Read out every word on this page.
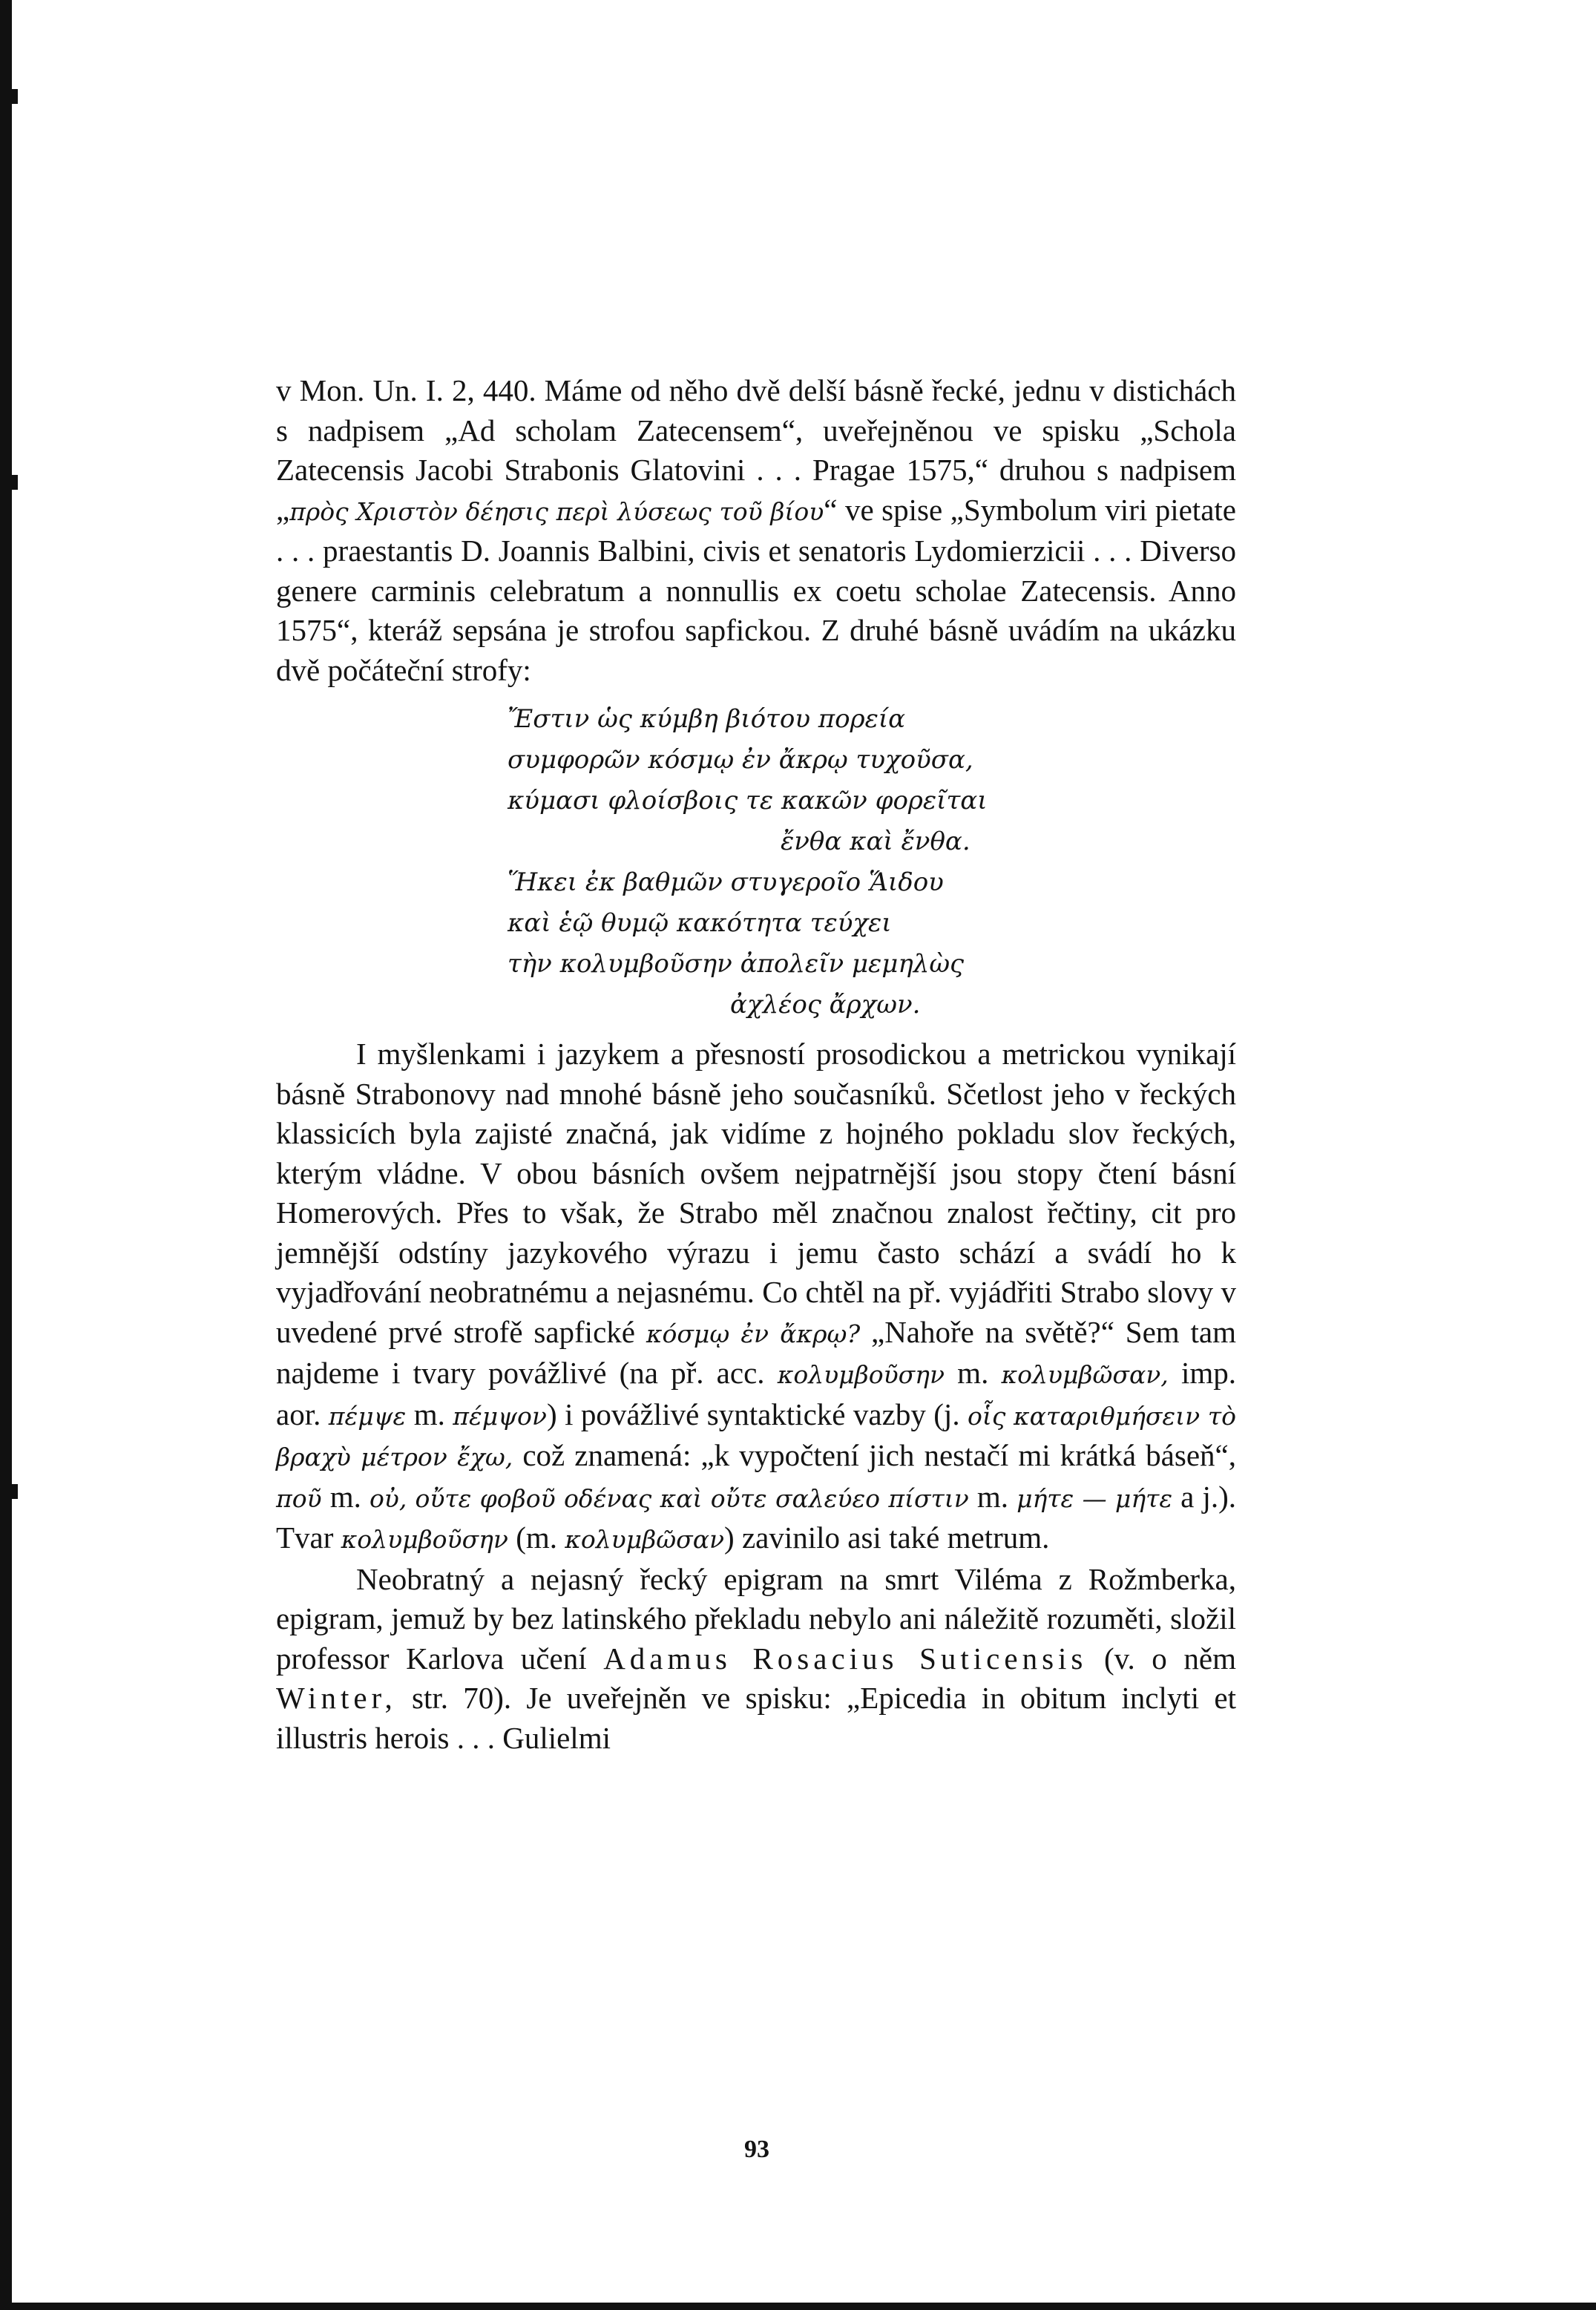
v Mon. Un. I. 2, 440. Máme od něho dvě delší básně řecké, jednu v distichách s nadpisem „Ad scholam Zatecensem“, uveřejněnou ve spisku „Schola Zatecensis Jacobi Strabonis Glatovini . . . Pragae 1575,“ druhou s nadpisem „πρὸς Χριστὸν δέησις περὶ λύσεως τοῦ βίου“ ve spise „Symbolum viri pietate . . . praestantis D. Joannis Balbini, civis et senatoris Lydomierzicii . . . Diverso genere carminis celebratum a nonnullis ex coetu scholae Zatecensis. Anno 1575“, kteráž sepsána je strofou sapfickou. Z druhé básně uvádím na ukázku dvě počáteční strofy:

Ἔστιν ὡς κύμβη βιότου πορεία
συμφορῶν κόσμῳ ἐν ἄκρῳ τυχοῦσα,
κύμασι φλοίσβοις τε κακῶν φορεῖται
ἔνθα καὶ ἔνθα.
Ἥκει ἐκ βαθμῶν στυγεροῖο Ἅιδου
καὶ ἑῷ θυμῷ κακότητα τεύχει
τὴν κολυμβοῦσην ἀπολεῖν μεμηλὼς
ἀχλέος ἄρχων.

I myšlenkami i jazykem a přesností prosodickou a metrickou vynikají básně Strabonovy nad mnohé básně jeho současníků. Sčetlost jeho v řeckých klassicích byla zajisté značná, jak vidíme z hojného pokladu slov řeckých, kterým vládne. V obou básních ovšem nejpatrnější jsou stopy čtení básní Homerových. Přes to však, že Strabo měl značnou znalost řečtiny, cit pro jemnější odstíny jazykového výrazu i jemu často schází a svádí ho k vyjadřování neobratnému a nejasnému. Co chtěl na př. vyjádřiti Strabo slovy v uvedené prvé strofě sapfické κόσμῳ ἐν ἄκρῳ? „Nahoře na světě?“ Sem tam najdeme i tvary povážlivé (na př. acc. κολυμβοῦσην m. κολυμβῶσαν, imp. aor. πέμψε m. πέμψον) i povážlivé syntaktické vazby (j. οἷς καταριθμήσειν τὸ βραχὺ μέτρον ἔχω, což znamená: „k vypočtení jich nestačí mi krátká báseň“, ποῦ m. οὐ, οὔτε φοβοῦ οδένας καὶ οὔτε σαλεύεο πίστιν m. μήτε — μήτε a j.). Tvar κολυμβοῦσην (m. κολυμβῶσαν) zavinilo asi také metrum.

Neobratný a nejasný řecký epigram na smrt Viléma z Rožmberka, epigram, jemuž by bez latinského překladu nebylo ani náležitě rozuměti, složil professor Karlova učení Adamus Rosacius Suticensis (v. o něm Winter, str. 70). Je uveřejněn ve spisku: „Epicedia in obitum inclyti et illustris herois . . . Gulielmi

93
